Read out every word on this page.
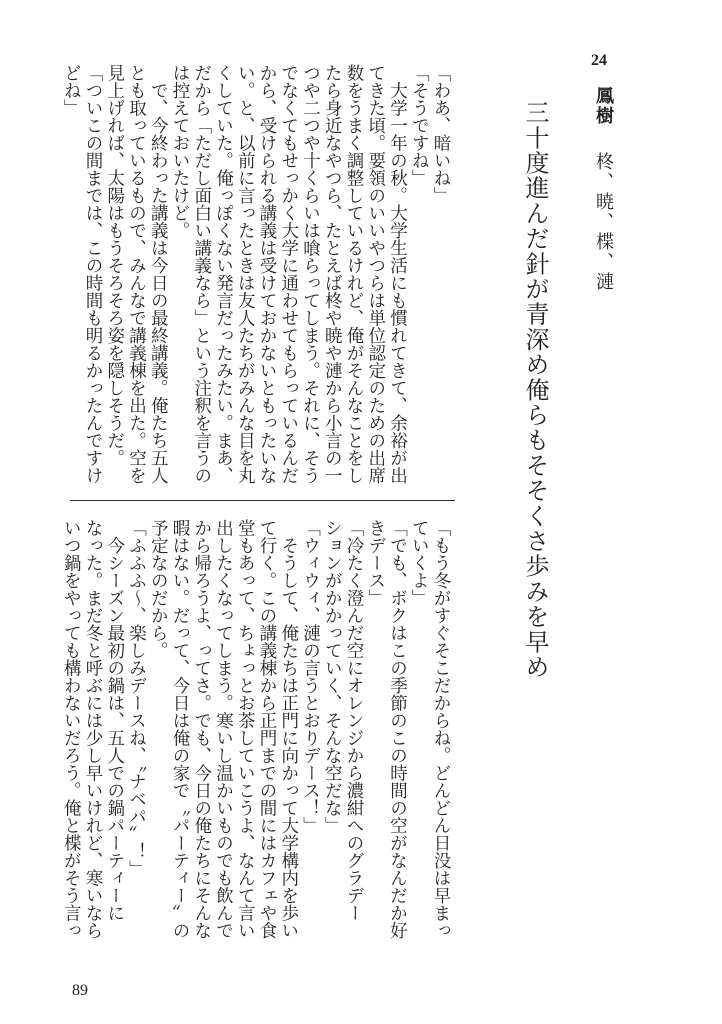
24
鳳樹
柊、暁、楪、漣
三十度進んだ針が青深め俺らもそそくさ歩みを早め
「わあ、暗いね」
「そうですね」
　大学一年の秋。大学生活にも慣れてきて、余裕が出
てきた頃。要領のいいやつらは単位認定のための出席
数をうまく調整しているけれど、俺がそんなことをし
たら身近なやつら、たとえば柊や暁や漣から小言の一
つや二つや十くらいは喰らってしまう。それに、そう
でなくてもせっかく大学に通わせてもらっているんだ
から、受けられる講義は受けておかないともったいな
い。と、以前に言ったときは友人たちがみんな目を丸
くしていた。俺っぽくない発言だったみたい。まあ、
だから「ただし面白い講義なら」という注釈を言うの
は控えておいたけど。
　で、今終わった講義は今日の最終講義。俺たち五人
とも取っているもので、みんなで講義棟を出た。空を
見上げれば、太陽はもうそろそろ姿を隠しそうだ。
「ついこの間までは、この時間も明るかったんですけ
どね」
「もう冬がすぐそこだからね。どんどん日没は早まっ
ていくよ」
「でも、ボクはこの季節のこの時間の空がなんだか好
きデース」
「冷たく澄んだ空にオレンジから濃紺へのグラデー
ションがかかっていく、そんな空だな」
「ウィウィ、漣の言うとおりデース！」
　そうして、俺たちは正門に向かって大学構内を歩い
て行く。この講義棟から正門までの間にはカフェや食
堂もあって、ちょっとお茶していこうよ、なんて言い
出したくなってしまう。寒いし温かいものでも飲んで
から帰ろうよ、ってさ。でも、今日の俺たちにそんな
暇はない。だって、今日は俺の家で〝パーティー〟の
予定なのだから。
「ふふふ〜、楽しみデースね、〝ナベパ〟！」
　今シーズン最初の鍋は、五人での鍋パーティーに
なった。まだ冬と呼ぶには少し早いけれど、寒いなら
いつ鍋をやっても構わないだろう。俺と楪がそう言っ
89
